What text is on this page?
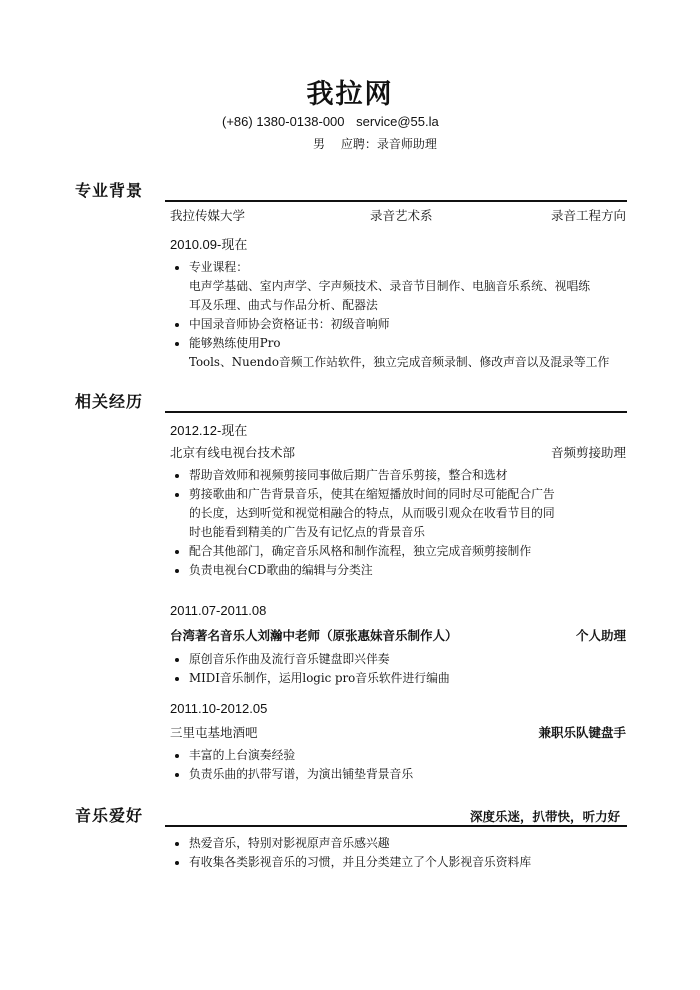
我拉网
(+86) 1380-0138-000 service@55.la
男 应聘：录音师助理
专业背景
我拉传媒大学	录音艺术系	录音工程方向
2010.09-现在
专业课程：
电声学基础、室内声学、字声频技术、录音节目制作、电脑音乐系统、视唱练
耳及乐理、曲式与作品分析、配器法
中国录音师协会资格证书：初级音响师
能够熟练使用Pro
Tools、Nuendo音频工作站软件，独立完成音频录制、修改声音以及混录等工作
相关经历
2012.12-现在
北京有线电视台技术部	音频剪接助理
帮助音效师和视频剪接同事做后期广告音乐剪接，整合和选材
剪接歌曲和广告背景音乐，使其在缩短播放时间的同时尽可能配合广告
的长度，达到听觉和视觉相融合的特点，从而吸引观众在收看节目的同
时也能看到精美的广告及有记忆点的背景音乐
配合其他部门，确定音乐风格和制作流程，独立完成音频剪接制作
负责电视台CD歌曲的编辑与分类注
2011.07-2011.08
台湾著名音乐人刘瀚中老师（原张惠妹音乐制作人）	个人助理
原创音乐作曲及流行音乐键盘即兴伴奏
MIDI音乐制作，运用logic pro音乐软件进行编曲
2011.10-2012.05
三里屯基地酒吧	兼职乐队键盘手
丰富的上台演奏经验
负责乐曲的扒带写谱，为演出铺垫背景音乐
音乐爱好	深度乐迷 ， 扒带快 ， 听力好
热爱音乐，特别对影视原声音乐感兴趣
有收集各类影视音乐的习惯，并且分类建立了个人影视音乐资料库
